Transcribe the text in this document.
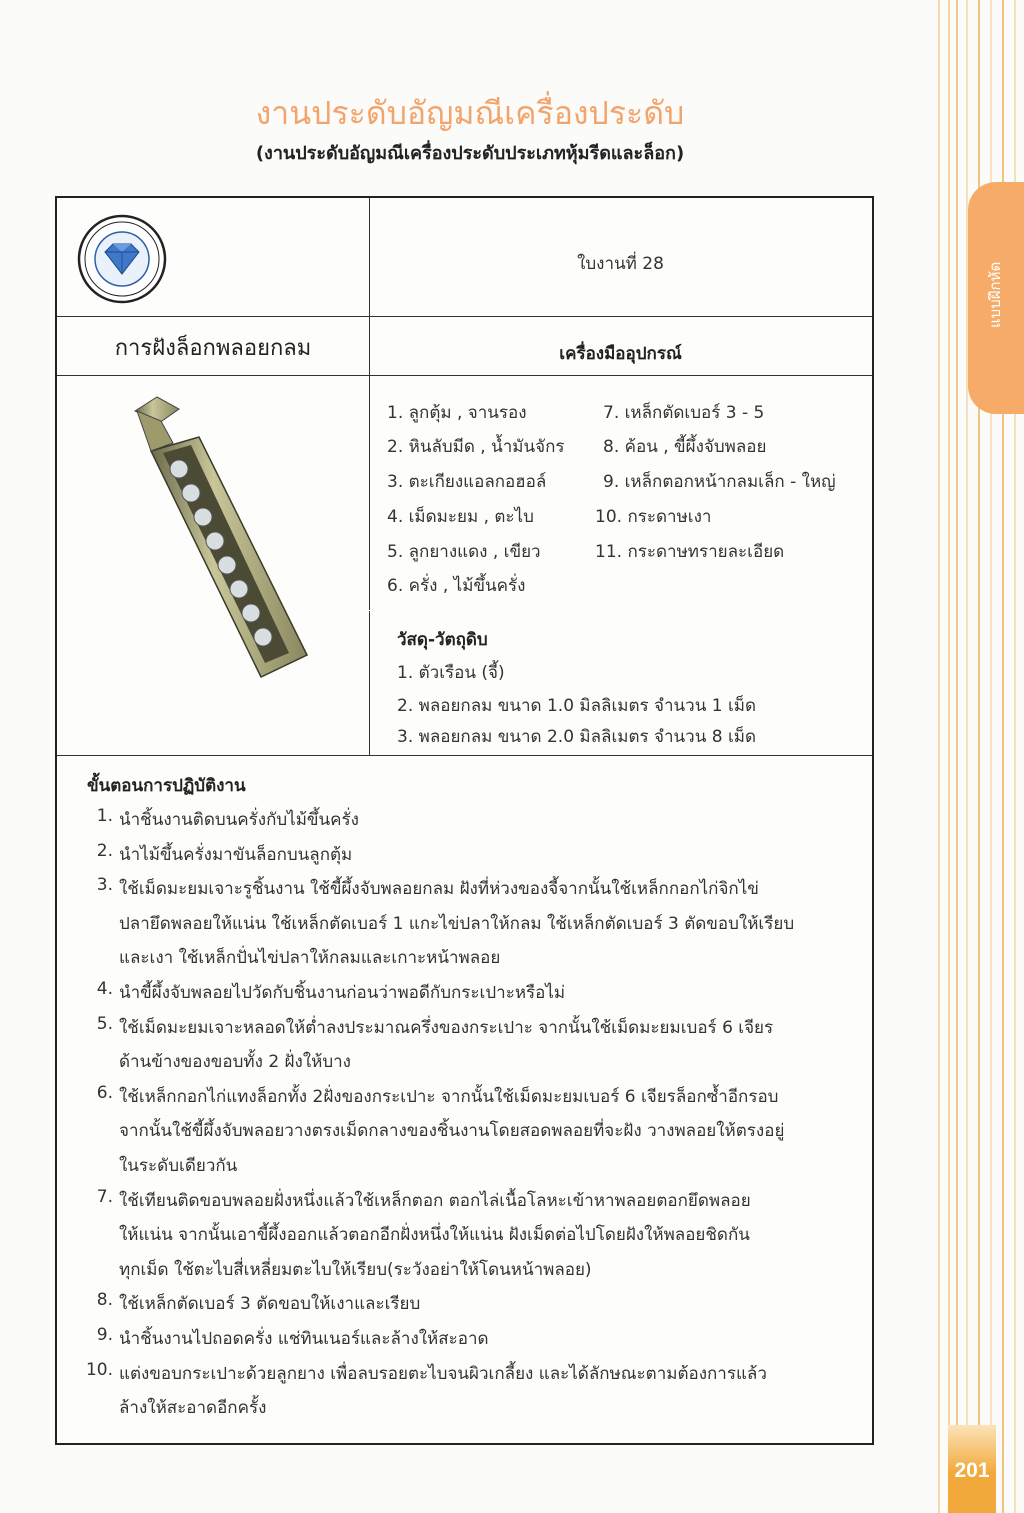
แบบฝึกหัด
201
งานประดับอัญมณีเครื่องประดับ
(งานประดับอัญมณีเครื่องประดับประเภทหุ้มรีดและล็อก)
ใบงานที่ 28
การฝังล็อกพลอยกลม	เครื่องมืออุปกรณ์
1. ลูกตุ้ม , จานรอง
2. หินลับมีด , น้ำมันจักร
3. ตะเกียงแอลกอฮอล์
4. เม็ดมะยม , ตะไบ
5. ลูกยางแดง , เขียว
6. ครั่ง , ไม้ขึ้นครั่ง
7. เหล็กตัดเบอร์ 3 - 5
8. ค้อน , ขี้ผึ้งจับพลอย
9. เหล็กตอกหน้ากลมเล็ก - ใหญ่
10. กระดาษเงา
11. กระดาษทรายละเอียด
วัสดุ-วัตถุดิบ
1. ตัวเรือน (จี้)
2. พลอยกลม ขนาด 1.0 มิลลิเมตร จำนวน 1 เม็ด
3. พลอยกลม ขนาด 2.0 มิลลิเมตร จำนวน 8 เม็ด
ขั้นตอนการปฏิบัติงาน
1. นำชิ้นงานติดบนครั่งกับไม้ขึ้นครั่ง
2. นำไม้ขึ้นครั่งมาขันล็อกบนลูกตุ้ม
3. ใช้เม็ดมะยมเจาะรูชิ้นงาน ใช้ขี้ผึ้งจับพลอยกลม ฝังที่ห่วงของจี้จากนั้นใช้เหล็กกอกไก่จิกไข่
ปลายึดพลอยให้แน่น ใช้เหล็กตัดเบอร์ 1 แกะไข่ปลาให้กลม ใช้เหล็กตัดเบอร์ 3 ตัดขอบให้เรียบ
และเงา ใช้เหล็กปั่นไข่ปลาให้กลมและเกาะหน้าพลอย
4. นำขี้ผึ้งจับพลอยไปวัดกับชิ้นงานก่อนว่าพอดีกับกระเปาะหรือไม่
5. ใช้เม็ดมะยมเจาะหลอดให้ต่ำลงประมาณครึ่งของกระเปาะ จากนั้นใช้เม็ดมะยมเบอร์ 6 เจียร
ด้านข้างของขอบทั้ง 2 ฝั่งให้บาง
6. ใช้เหล็กกอกไก่แทงล็อกทั้ง 2ฝั่งของกระเปาะ จากนั้นใช้เม็ดมะยมเบอร์ 6 เจียรล็อกซ้ำอีกรอบ
จากนั้นใช้ขี้ผึ้งจับพลอยวางตรงเม็ดกลางของชิ้นงานโดยสอดพลอยที่จะฝัง วางพลอยให้ตรงอยู่
ในระดับเดียวกัน
7. ใช้เทียนติดขอบพลอยฝั่งหนึ่งแล้วใช้เหล็กตอก ตอกไล่เนื้อโลหะเข้าหาพลอยตอกยึดพลอย
ให้แน่น จากนั้นเอาขี้ผึ้งออกแล้วตอกอีกฝั่งหนึ่งให้แน่น ฝังเม็ดต่อไปโดยฝังให้พลอยชิดกัน
ทุกเม็ด ใช้ตะไบสี่เหลี่ยมตะไบให้เรียบ(ระวังอย่าให้โดนหน้าพลอย)
8. ใช้เหล็กตัดเบอร์ 3 ตัดขอบให้เงาและเรียบ
9. นำชิ้นงานไปถอดครั่ง แช่ทินเนอร์และล้างให้สะอาด
10. แต่งขอบกระเปาะด้วยลูกยาง เพื่อลบรอยตะไบจนผิวเกลี้ยง และได้ลักษณะตามต้องการแล้ว
ล้างให้สะอาดอีกครั้ง
